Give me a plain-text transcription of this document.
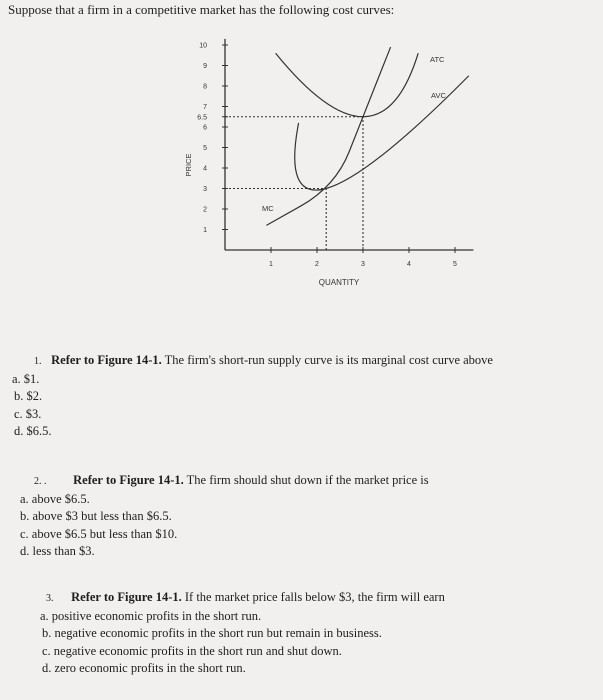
Suppose that a firm in a competitive market has the following cost curves:
10
9
8
7
6.5
6
5
4
3
2
1
1	2	3	4	5
PRICE
QUANTITY
ATC
AVC
MC
1. Refer to Figure 14-1. The firm's short-run supply curve is its marginal cost curve above
a. $1.
b. $2.
c. $3.
d. $6.5.
2. . Refer to Figure 14-1. The firm should shut down if the market price is
a. above $6.5.
b. above $3 but less than $6.5.
c. above $6.5 but less than $10.
d. less than $3.
3. Refer to Figure 14-1. If the market price falls below $3, the firm will earn
a. positive economic profits in the short run.
b. negative economic profits in the short run but remain in business.
c. negative economic profits in the short run and shut down.
d. zero economic profits in the short run.
